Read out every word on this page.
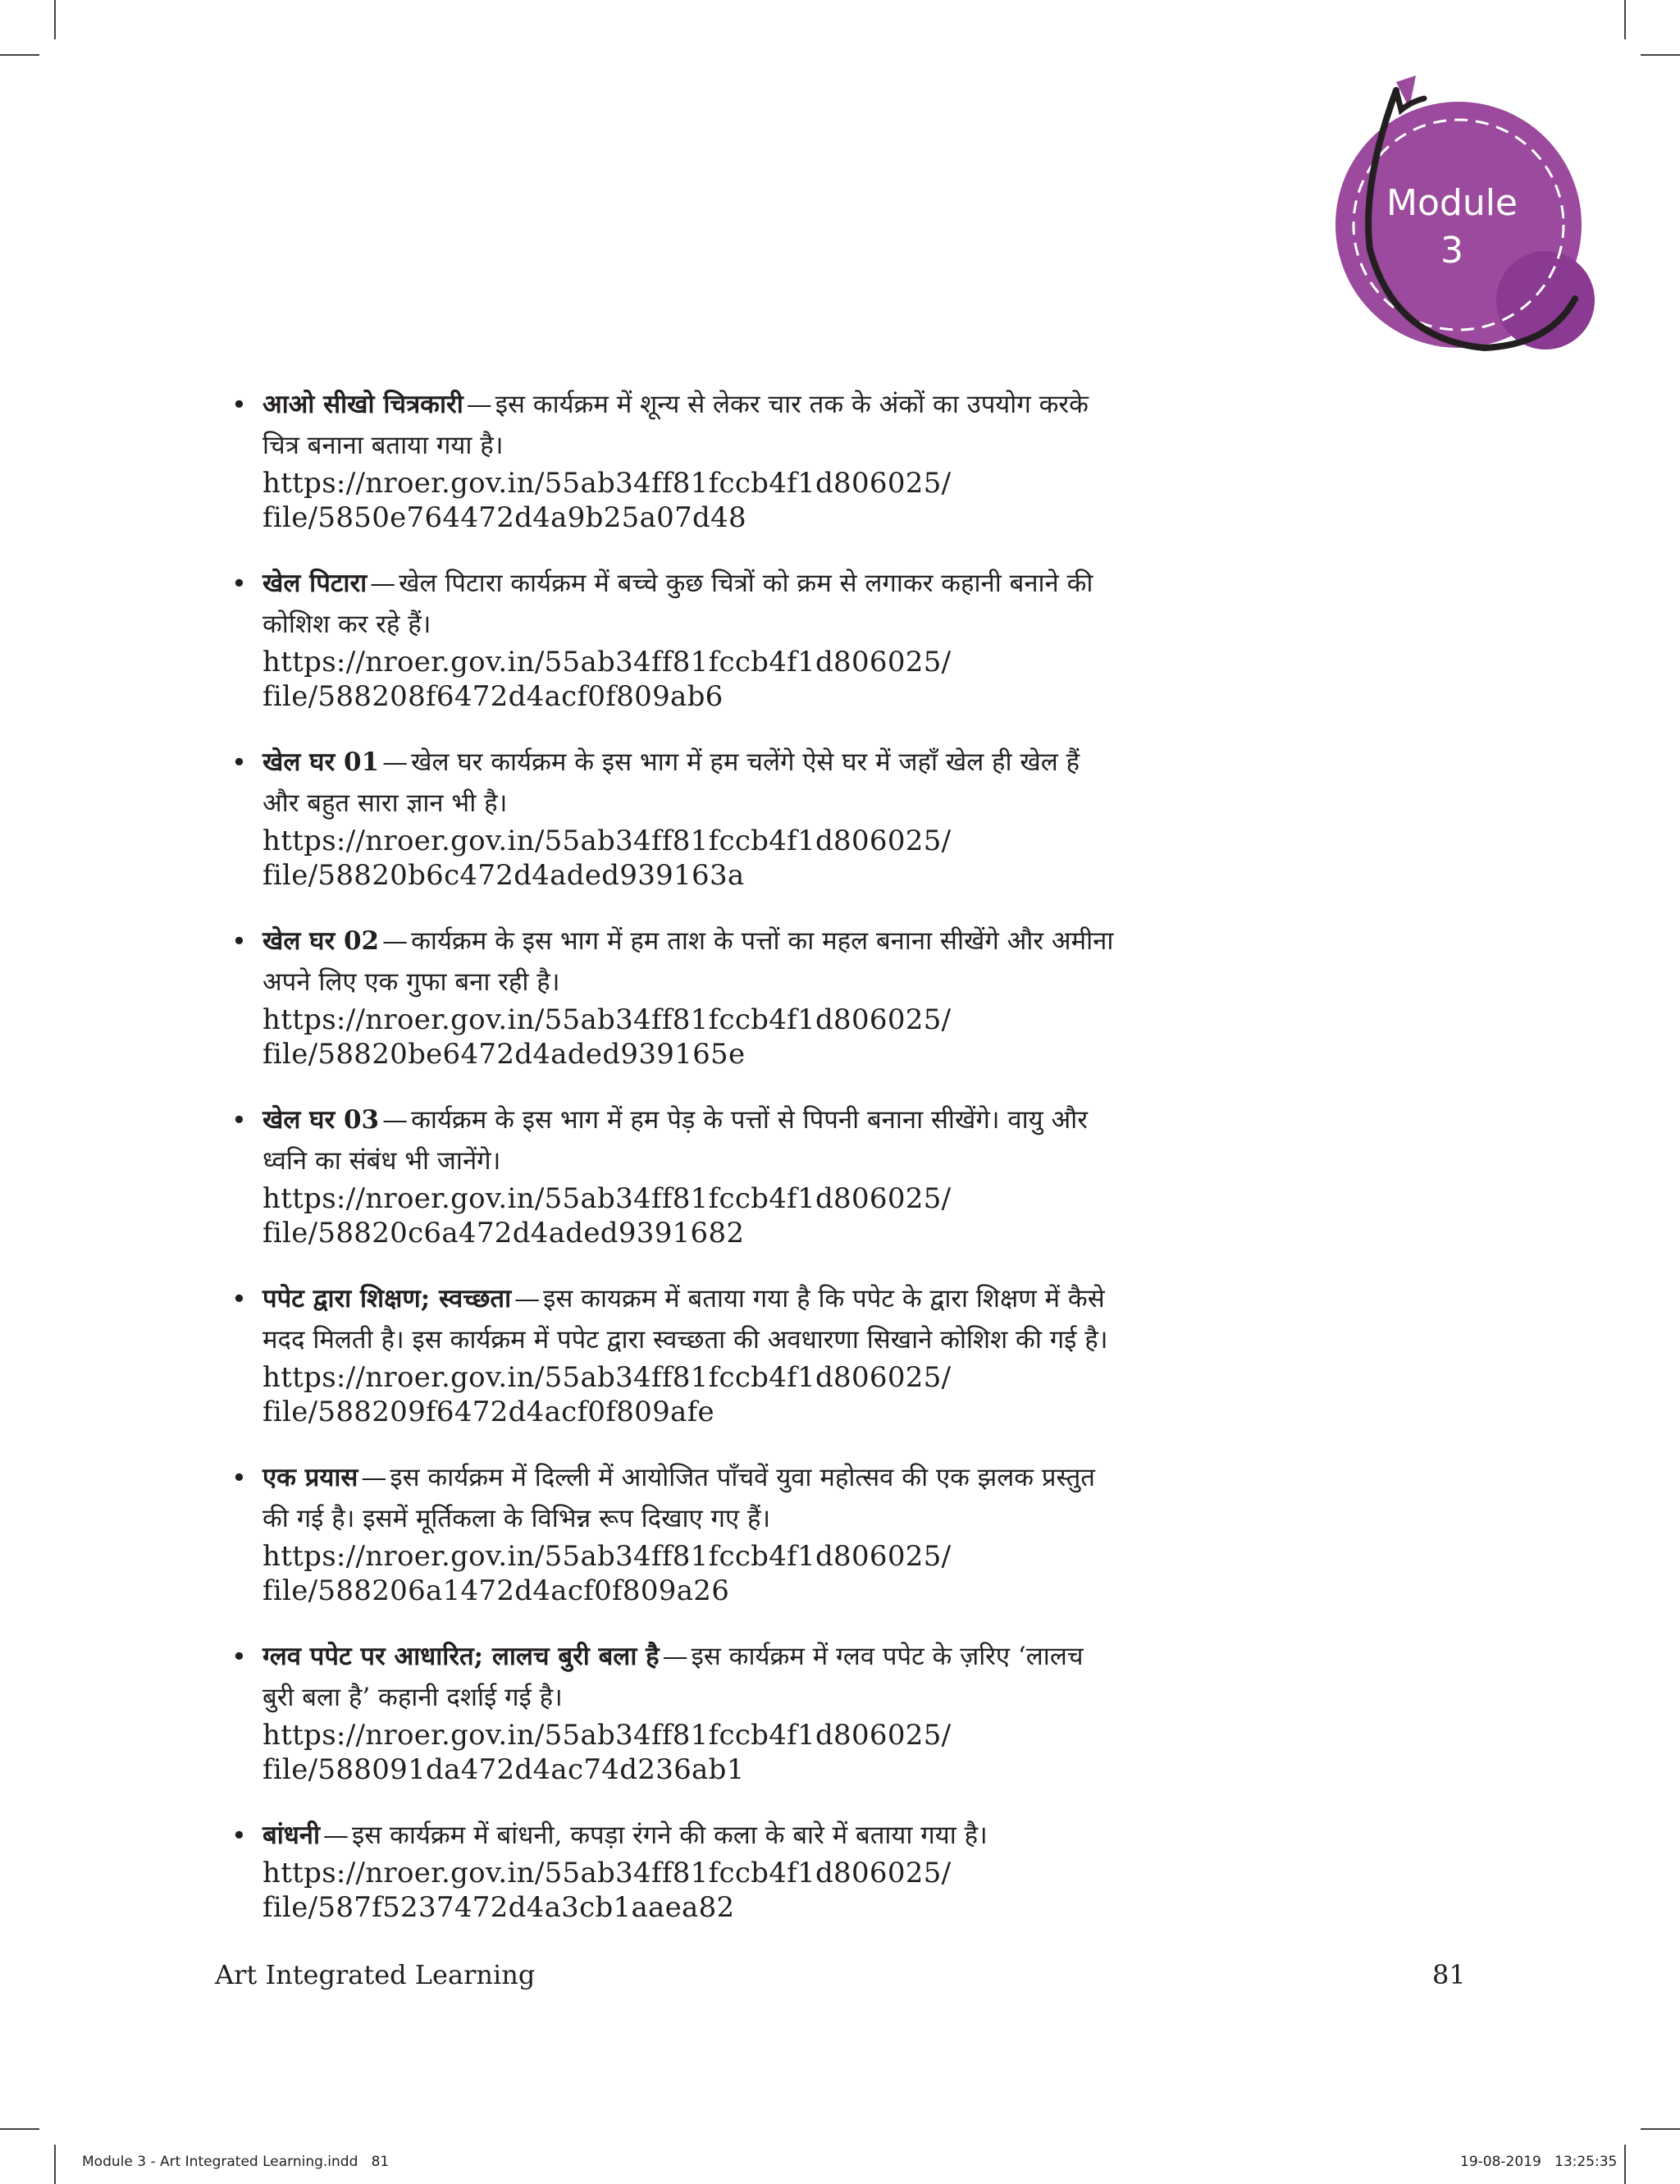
Module
3
• आओ सीखो चित्रकारी — इस कार्यक्रम में शून्य से लेकर चार तक के अंकों का उपयोग करके चित्र बनाना बताया गया है।
https://nroer.gov.in/55ab34ff81fccb4f1d806025/
file/5850e764472d4a9b25a07d48
• खेल पिटारा — खेल पिटारा कार्यक्रम में बच्चे कुछ चित्रों को क्रम से लगाकर कहानी बनाने की कोशिश कर रहे हैं।
https://nroer.gov.in/55ab34ff81fccb4f1d806025/
file/588208f6472d4acf0f809ab6
• खेल घर 01 — खेल घर कार्यक्रम के इस भाग में हम चलेंगे ऐसे घर में जहाँ खेल ही खेल हैं और बहुत सारा ज्ञान भी है।
https://nroer.gov.in/55ab34ff81fccb4f1d806025/
file/58820b6c472d4aded939163a
• खेल घर 02 — कार्यक्रम के इस भाग में हम ताश के पत्तों का महल बनाना सीखेंगे और अमीना अपने लिए एक गुफा बना रही है।
https://nroer.gov.in/55ab34ff81fccb4f1d806025/
file/58820be6472d4aded939165e
• खेल घर 03 — कार्यक्रम के इस भाग में हम पेड़ के पत्तों से पिपनी बनाना सीखेंगे। वायु और ध्वनि का संबंध भी जानेंगे।
https://nroer.gov.in/55ab34ff81fccb4f1d806025/
file/58820c6a472d4aded9391682
• पपेट द्वारा शिक्षण; स्वच्छता — इस कायक्रम में बताया गया है कि पपेट के द्वारा शिक्षण में कैसे मदद मिलती है। इस कार्यक्रम में पपेट द्वारा स्वच्छता की अवधारणा सिखाने कोशिश की गई है।
https://nroer.gov.in/55ab34ff81fccb4f1d806025/
file/588209f6472d4acf0f809afe
• एक प्रयास — इस कार्यक्रम में दिल्ली में आयोजित पाँचवें युवा महोत्सव की एक झलक प्रस्तुत की गई है। इसमें मूर्तिकला के विभिन्न रूप दिखाए गए हैं।
https://nroer.gov.in/55ab34ff81fccb4f1d806025/
file/588206a1472d4acf0f809a26
• ग्लव पपेट पर आधारित; लालच बुरी बला है — इस कार्यक्रम में ग्लव पपेट के ज़रिए ‘लालच बुरी बला है’ कहानी दर्शाई गई है।
https://nroer.gov.in/55ab34ff81fccb4f1d806025/
file/588091da472d4ac74d236ab1
• बांधनी — इस कार्यक्रम में बांधनी, कपड़ा रंगने की कला के बारे में बताया गया है।
https://nroer.gov.in/55ab34ff81fccb4f1d806025/
file/587f5237472d4a3cb1aaea82
Art Integrated Learning	81
Module 3 - Art Integrated Learning.indd   81	19-08-2019   13:25:35
